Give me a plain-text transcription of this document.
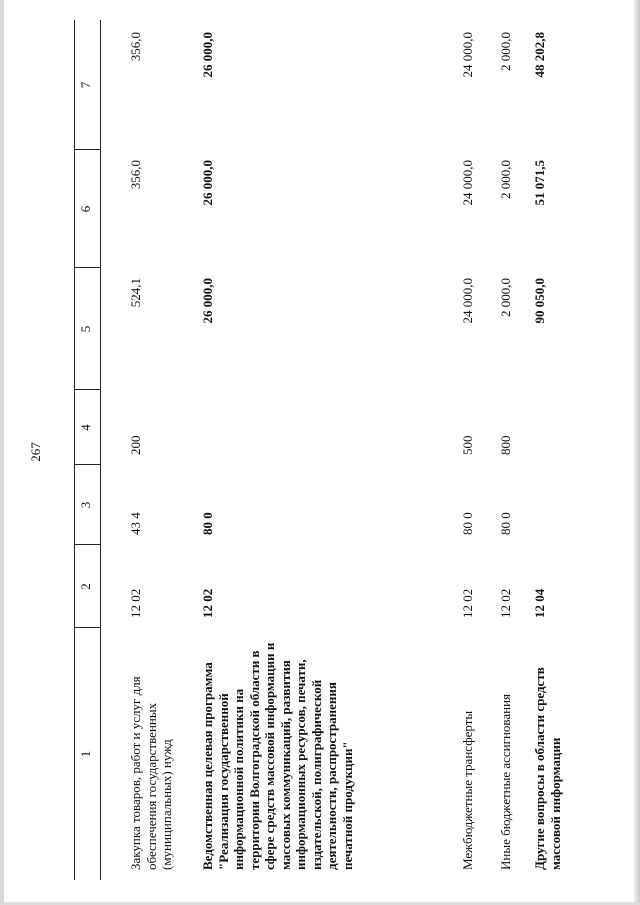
267
1
2
3
4
5
6
7
Закупка товаров, работ и услуг для обеспечения государственных (муниципальных) нужд
12 02
43 4
200
524,1
356,0
356,0
Ведомственная целевая программа "Реализация государственной информационной политики на территории Волгоградской области в сфере средств массовой информации и массовых коммуникаций, развития информационных ресурсов, печати, издательской, полиграфической деятельности, распространения печатной продукции"
12 02
80 0
26 000,0
26 000,0
26 000,0
Межбюджетные трансферты
12 02
80 0
500
24 000,0
24 000,0
24 000,0
Иные бюджетные ассигнования
12 02
80 0
800
2 000,0
2 000,0
2 000,0
Другие вопросы в области средств массовой информации
12 04
90 050,0
51 071,5
48 202,8
